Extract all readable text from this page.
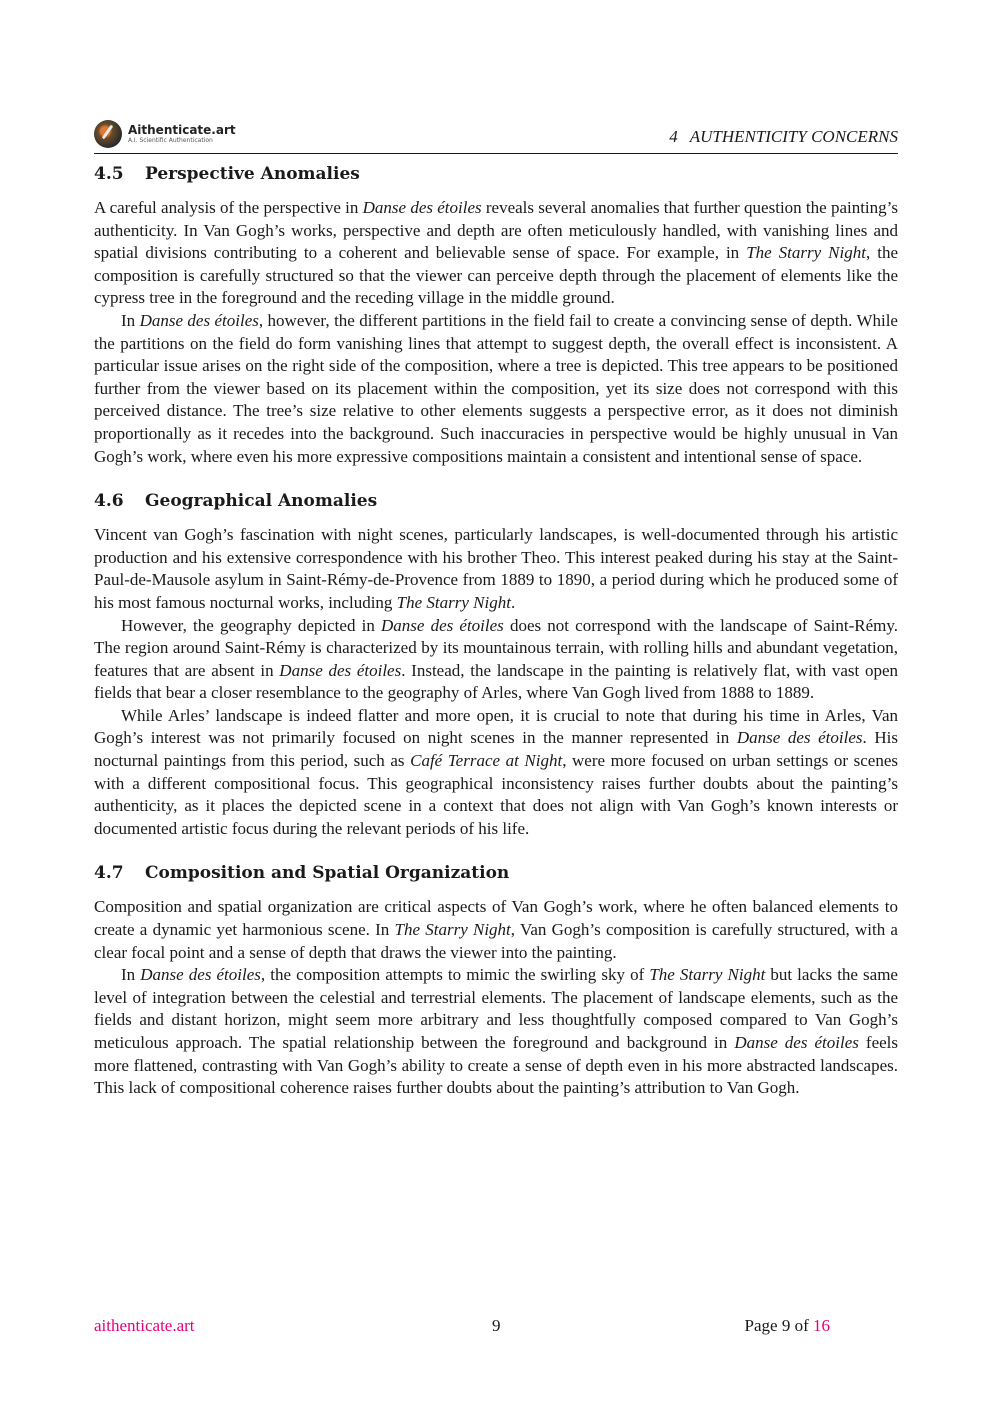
Aithenticate.art
A.I. Scientific Authentication	4 AUTHENTICITY CONCERNS
4.5 Perspective Anomalies

A careful analysis of the perspective in Danse des étoiles reveals several anomalies that further question the painting’s authenticity. In Van Gogh’s works, perspective and depth are often meticulously handled, with vanishing lines and spatial divisions contributing to a coherent and believable sense of space. For example, in The Starry Night, the composition is carefully structured so that the viewer can perceive depth through the placement of elements like the cypress tree in the foreground and the receding village in the middle ground.

In Danse des étoiles, however, the different partitions in the field fail to create a convincing sense of depth. While the partitions on the field do form vanishing lines that attempt to suggest depth, the overall effect is inconsistent. A particular issue arises on the right side of the composition, where a tree is depicted. This tree appears to be positioned further from the viewer based on its placement within the composition, yet its size does not correspond with this perceived distance. The tree’s size relative to other elements suggests a perspective error, as it does not diminish proportionally as it recedes into the background. Such inaccuracies in perspective would be highly unusual in Van Gogh’s work, where even his more expressive compositions maintain a consistent and intentional sense of space.

4.6 Geographical Anomalies

Vincent van Gogh’s fascination with night scenes, particularly landscapes, is well-documented through his artistic production and his extensive correspondence with his brother Theo. This interest peaked during his stay at the Saint-Paul-de-Mausole asylum in Saint-Rémy-de-Provence from 1889 to 1890, a period during which he produced some of his most famous nocturnal works, including The Starry Night.

However, the geography depicted in Danse des étoiles does not correspond with the landscape of Saint-Rémy. The region around Saint-Rémy is characterized by its mountainous terrain, with rolling hills and abundant vegetation, features that are absent in Danse des étoiles. Instead, the landscape in the painting is relatively flat, with vast open fields that bear a closer resemblance to the geography of Arles, where Van Gogh lived from 1888 to 1889.

While Arles’ landscape is indeed flatter and more open, it is crucial to note that during his time in Arles, Van Gogh’s interest was not primarily focused on night scenes in the manner represented in Danse des étoiles. His nocturnal paintings from this period, such as Café Terrace at Night, were more focused on urban settings or scenes with a different compositional focus. This geographical inconsistency raises further doubts about the painting’s authenticity, as it places the depicted scene in a context that does not align with Van Gogh’s known interests or documented artistic focus during the relevant periods of his life.

4.7 Composition and Spatial Organization

Composition and spatial organization are critical aspects of Van Gogh’s work, where he often balanced elements to create a dynamic yet harmonious scene. In The Starry Night, Van Gogh’s composition is carefully structured, with a clear focal point and a sense of depth that draws the viewer into the painting.

In Danse des étoiles, the composition attempts to mimic the swirling sky of The Starry Night but lacks the same level of integration between the celestial and terrestrial elements. The placement of landscape elements, such as the fields and distant horizon, might seem more arbitrary and less thoughtfully composed compared to Van Gogh’s meticulous approach. The spatial relationship between the foreground and background in Danse des étoiles feels more flattened, contrasting with Van Gogh’s ability to create a sense of depth even in his more abstracted landscapes. This lack of compositional coherence raises further doubts about the painting’s attribution to Van Gogh.

aithenticate.art	9	Page 9 of 16
